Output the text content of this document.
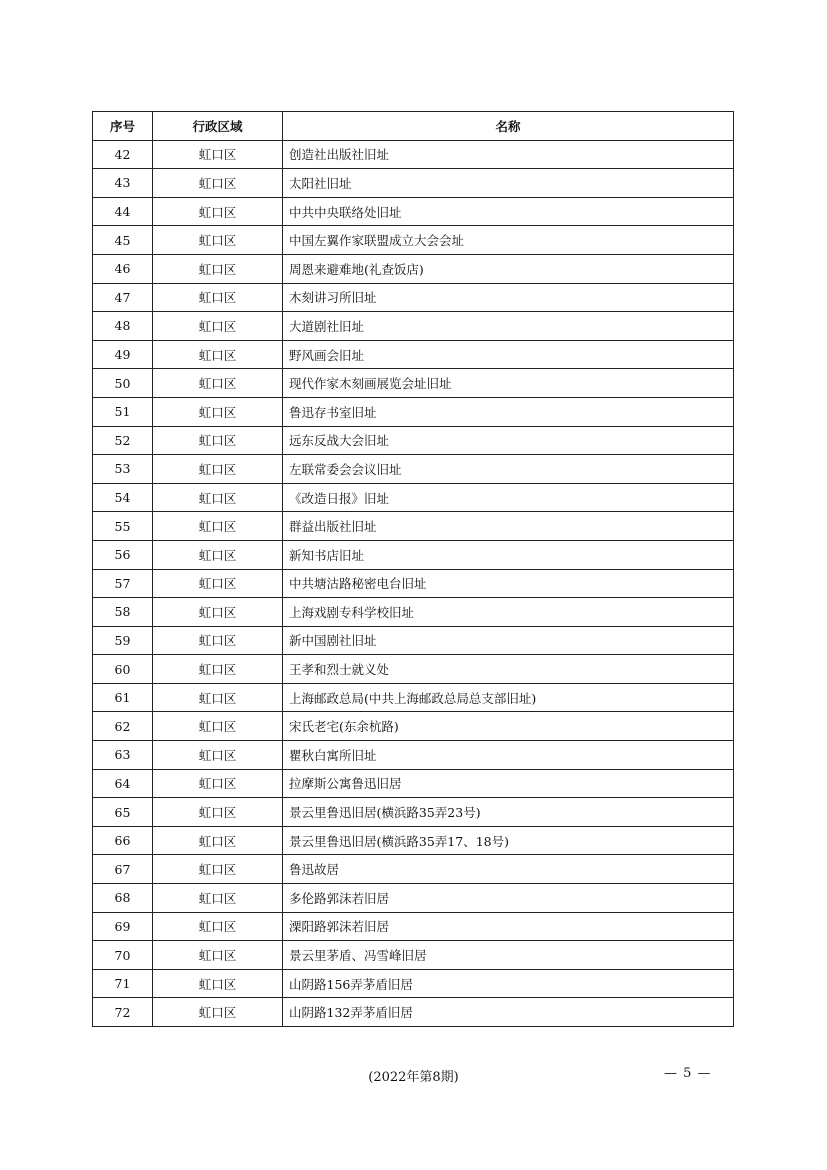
序号	行政区域	名称
42	虹口区	创造社出版社旧址
43	虹口区	太阳社旧址
44	虹口区	中共中央联络处旧址
45	虹口区	中国左翼作家联盟成立大会会址
46	虹口区	周恩来避难地(礼查饭店)
47	虹口区	木刻讲习所旧址
48	虹口区	大道剧社旧址
49	虹口区	野风画会旧址
50	虹口区	现代作家木刻画展览会址旧址
51	虹口区	鲁迅存书室旧址
52	虹口区	远东反战大会旧址
53	虹口区	左联常委会会议旧址
54	虹口区	《改造日报》旧址
55	虹口区	群益出版社旧址
56	虹口区	新知书店旧址
57	虹口区	中共塘沽路秘密电台旧址
58	虹口区	上海戏剧专科学校旧址
59	虹口区	新中国剧社旧址
60	虹口区	王孝和烈士就义处
61	虹口区	上海邮政总局(中共上海邮政总局总支部旧址)
62	虹口区	宋氏老宅(东余杭路)
63	虹口区	瞿秋白寓所旧址
64	虹口区	拉摩斯公寓鲁迅旧居
65	虹口区	景云里鲁迅旧居(横浜路35弄23号)
66	虹口区	景云里鲁迅旧居(横浜路35弄17、18号)
67	虹口区	鲁迅故居
68	虹口区	多伦路郭沫若旧居
69	虹口区	溧阳路郭沫若旧居
70	虹口区	景云里茅盾、冯雪峰旧居
71	虹口区	山阴路156弄茅盾旧居
72	虹口区	山阴路132弄茅盾旧居
(2022年第8期)	— 5 —
